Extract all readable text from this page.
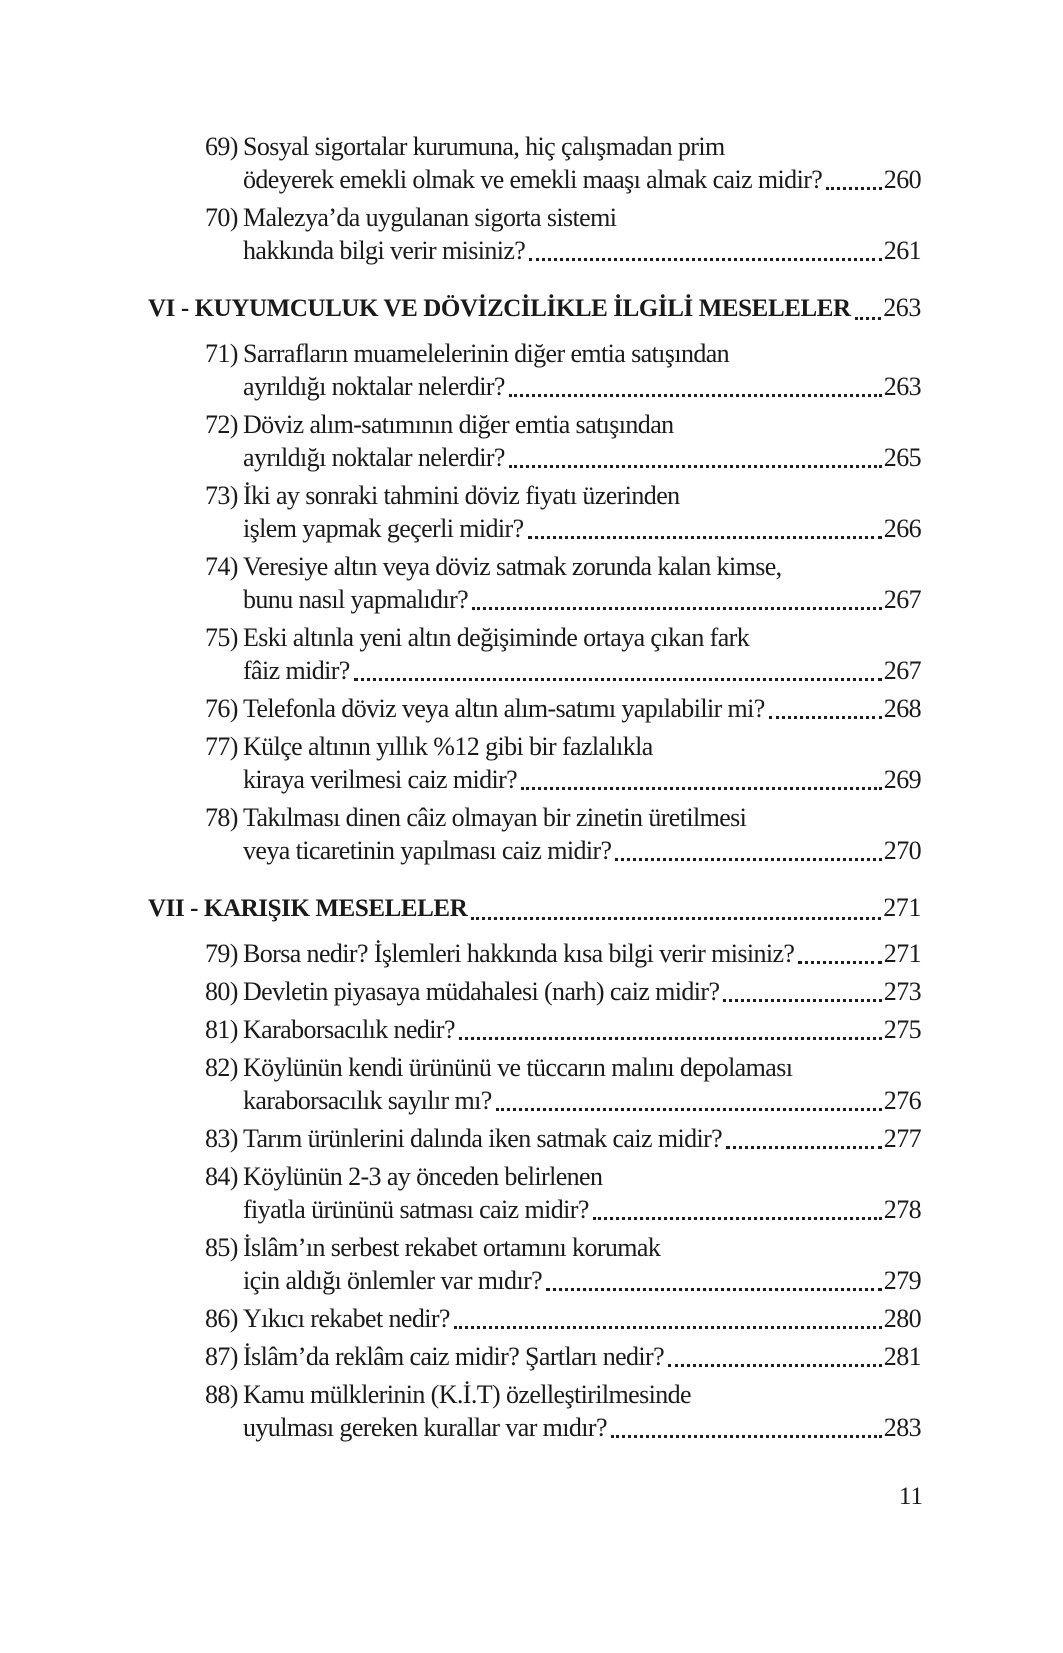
69) Sosyal sigortalar kurumuna, hiç çalışmadan prim
ödeyerek emekli olmak ve emekli maaşı almak caiz midir? 260
70) Malezya’da uygulanan sigorta sistemi
hakkında bilgi verir misiniz?	261
VI - KUYUMCULUK VE DÖVİZCİLİKLE İLGİLİ MESELELER 263
71) Sarrafların muamelelerinin diğer emtia satışından
ayrıldığı noktalar nelerdir?	263
72) Döviz alım-satımının diğer emtia satışından
ayrıldığı noktalar nelerdir?	265
73) İki ay sonraki tahmini döviz fiyatı üzerinden
işlem yapmak geçerli midir?	266
74) Veresiye altın veya döviz satmak zorunda kalan kimse,
bunu nasıl yapmalıdır?	267
75) Eski altınla yeni altın değişiminde ortaya çıkan fark
fâiz midir?	267
76) Telefonla döviz veya altın alım-satımı yapılabilir mi?	268
77) Külçe altının yıllık %12 gibi bir fazlalıkla
kiraya verilmesi caiz midir?	269
78) Takılması dinen câiz olmayan bir zinetin üretilmesi
veya ticaretinin yapılması caiz midir?	270
VII - KARIŞIK MESELELER	271
79) Borsa nedir? İşlemleri hakkında kısa bilgi verir misiniz?	271
80) Devletin piyasaya müdahalesi (narh) caiz midir?	273
81) Karaborsacılık nedir?	275
82) Köylünün kendi ürününü ve tüccarın malını depolaması
karaborsacılık sayılır mı?	276
83) Tarım ürünlerini dalında iken satmak caiz midir?	277
84) Köylünün 2-3 ay önceden belirlenen
fiyatla ürününü satması caiz midir?	278
85) İslâm’ın serbest rekabet ortamını korumak
için aldığı önlemler var mıdır?	279
86) Yıkıcı rekabet nedir?	280
87) İslâm’da reklâm caiz midir? Şartları nedir?	281
88) Kamu mülklerinin (K.İ.T) özelleştirilmesinde
uyulması gereken kurallar var mıdır?	283
11
